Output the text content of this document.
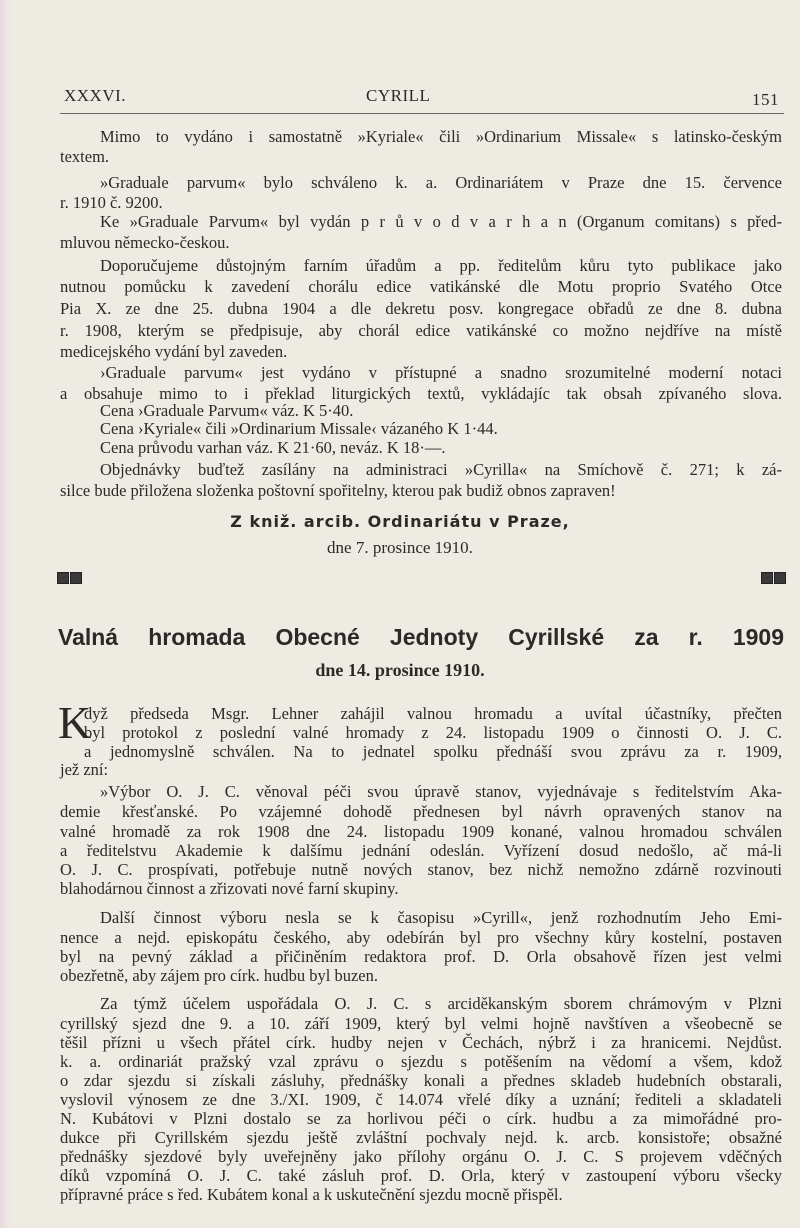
XXXVI.	CYRILL	151
Mimo to vydáno i samostatně »Kyriale« čili »Ordinarium Missale« s latinsko-českým
textem.
»Graduale parvum« bylo schváleno k. a. Ordinariátem v Praze dne 15. července
r. 1910 č. 9200.
Ke »Graduale Parvum« byl vydán p r ů v o d v a r h a n (Organum comitans) s před-
mluvou německo-českou.
Doporučujeme důstojným farním úřadům a pp. ředitelům kůru tyto publikace jako
nutnou pomůcku k zavedení chorálu edice vatikánské dle Motu proprio Svatého Otce
Pia X. ze dne 25. dubna 1904 a dle dekretu posv. kongregace obřadů ze dne 8. dubna
r. 1908, kterým se předpisuje, aby chorál edice vatikánské co možno nejdříve na místě
medicejského vydání byl zaveden.
›Graduale parvum« jest vydáno v přístupné a snadno srozumitelné moderní notaci
a obsahuje mimo to i překlad liturgických textů, vykládajíc tak obsah zpívaného slova.
Cena ›Graduale Parvum« váz. K 5·40.
Cena ›Kyriale« čili »Ordinarium Missale‹ vázaného K 1·44.
Cena průvodu varhan váz. K 21·60, neváz. K 18·—.
Objednávky buďtež zasílány na administraci »Cyrilla« na Smíchově č. 271; k zá-
silce bude přiložena složenka poštovní spořitelny, kterou pak budiž obnos zapraven!
Z kniž. arcib. Ordinariátu v Praze,
dne 7. prosince 1910.
Valná hromada Obecné Jednoty Cyrillské za r. 1909
dne 14. prosince 1910.
K
dyž předseda Msgr. Lehner zahájil valnou hromadu a uvítal účastníky, přečten
byl protokol z poslední valné hromady z 24. listopadu 1909 o činnosti O. J. C.
a jednomyslně schválen. Na to jednatel spolku přednáší svou zprávu za r. 1909,
jež zní:
»Výbor O. J. C. věnoval péči svou úpravě stanov, vyjednávaje s ředitelstvím Aka-
demie křesťanské. Po vzájemné dohodě přednesen byl návrh opravených stanov na
valné hromadě za rok 1908 dne 24. listopadu 1909 konané, valnou hromadou schválen
a ředitelstvu Akademie k dalšímu jednání odeslán. Vyřízení dosud nedošlo, ač má-li
O. J. C. prospívati, potřebuje nutně nových stanov, bez nichž nemožno zdárně rozvinouti
blahodárnou činnost a zřizovati nové farní skupiny.
Další činnost výboru nesla se k časopisu »Cyrill«, jenž rozhodnutím Jeho Emi-
nence a nejd. episkopátu českého, aby odebírán byl pro všechny kůry kostelní, postaven
byl na pevný základ a přičiněním redaktora prof. D. Orla obsahově řízen jest velmi
obezřetně, aby zájem pro círk. hudbu byl buzen.
Za týmž účelem uspořádala O. J. C. s arciděkanským sborem chrámovým v Plzni
cyrillský sjezd dne 9. a 10. září 1909, který byl velmi hojně navštíven a všeobecně se
těšil přízni u všech přátel círk. hudby nejen v Čechách, nýbrž i za hranicemi. Nejdůst.
k. a. ordinariát pražský vzal zprávu o sjezdu s potěšením na vědomí a všem, kdož
o zdar sjezdu si získali zásluhy, přednášky konali a přednes skladeb hudebních obstarali,
vyslovil výnosem ze dne 3./XI. 1909, č 14.074 vřelé díky a uznání; řediteli a skladateli
N. Kubátovi v Plzni dostalo se za horlivou péči o círk. hudbu a za mimořádné pro-
dukce při Cyrillském sjezdu ještě zvláštní pochvaly nejd. k. arcb. konsistoře; obsažné
přednášky sjezdové byly uveřejněny jako přílohy orgánu O. J. C. S projevem vděčných
díků vzpomíná O. J. C. také zásluh prof. D. Orla, který v zastoupení výboru všecky
přípravné práce s řed. Kubátem konal a k uskutečnění sjezdu mocně přispěl.
